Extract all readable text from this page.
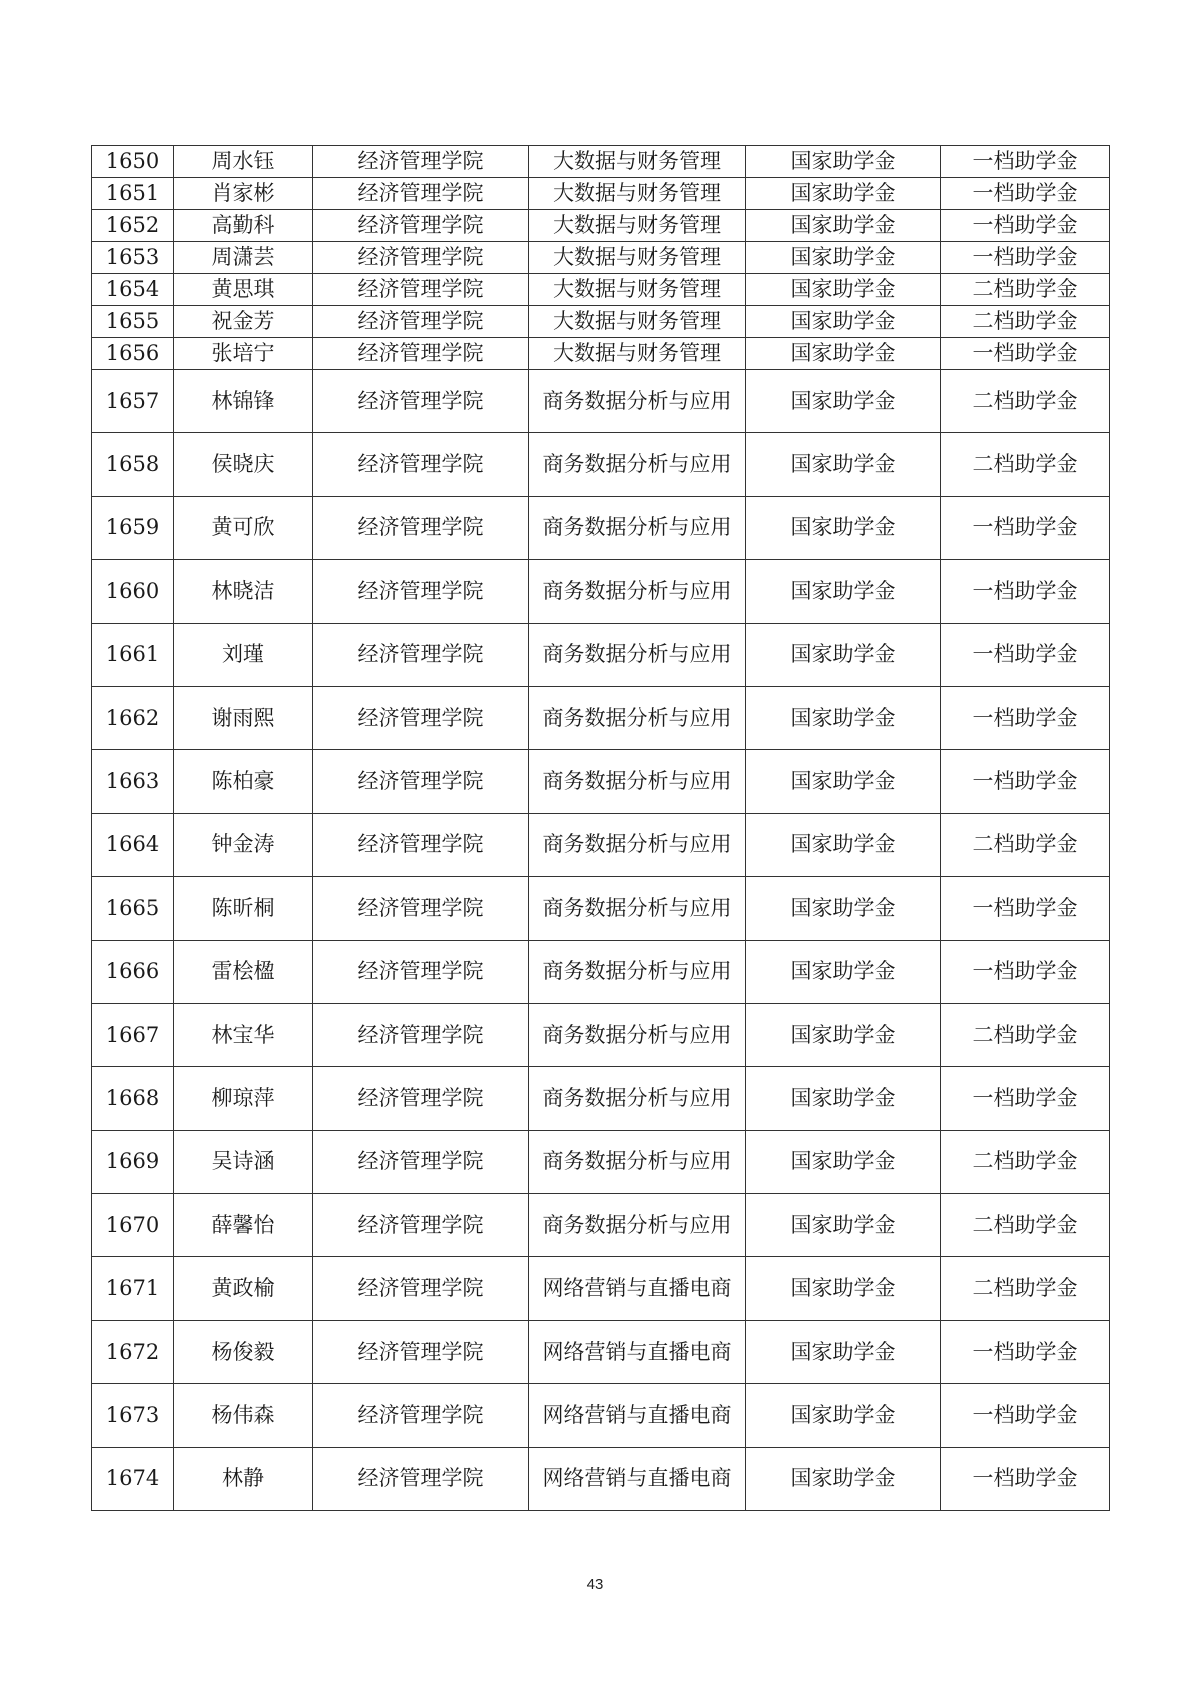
1650	周水钰	经济管理学院	大数据与财务管理	国家助学金	一档助学金
1651	肖家彬	经济管理学院	大数据与财务管理	国家助学金	一档助学金
1652	高勤科	经济管理学院	大数据与财务管理	国家助学金	一档助学金
1653	周潇芸	经济管理学院	大数据与财务管理	国家助学金	一档助学金
1654	黄思琪	经济管理学院	大数据与财务管理	国家助学金	二档助学金
1655	祝金芳	经济管理学院	大数据与财务管理	国家助学金	二档助学金
1656	张培宁	经济管理学院	大数据与财务管理	国家助学金	一档助学金
1657	林锦锋	经济管理学院	商务数据分析与应用	国家助学金	二档助学金
1658	侯晓庆	经济管理学院	商务数据分析与应用	国家助学金	二档助学金
1659	黄可欣	经济管理学院	商务数据分析与应用	国家助学金	一档助学金
1660	林晓洁	经济管理学院	商务数据分析与应用	国家助学金	一档助学金
1661	刘瑾	经济管理学院	商务数据分析与应用	国家助学金	一档助学金
1662	谢雨熙	经济管理学院	商务数据分析与应用	国家助学金	一档助学金
1663	陈柏豪	经济管理学院	商务数据分析与应用	国家助学金	一档助学金
1664	钟金涛	经济管理学院	商务数据分析与应用	国家助学金	二档助学金
1665	陈昕桐	经济管理学院	商务数据分析与应用	国家助学金	一档助学金
1666	雷桧楹	经济管理学院	商务数据分析与应用	国家助学金	一档助学金
1667	林宝华	经济管理学院	商务数据分析与应用	国家助学金	二档助学金
1668	柳琼萍	经济管理学院	商务数据分析与应用	国家助学金	一档助学金
1669	吴诗涵	经济管理学院	商务数据分析与应用	国家助学金	二档助学金
1670	薛馨怡	经济管理学院	商务数据分析与应用	国家助学金	二档助学金
1671	黄政榆	经济管理学院	网络营销与直播电商	国家助学金	二档助学金
1672	杨俊毅	经济管理学院	网络营销与直播电商	国家助学金	一档助学金
1673	杨伟森	经济管理学院	网络营销与直播电商	国家助学金	一档助学金
1674	林静	经济管理学院	网络营销与直播电商	国家助学金	一档助学金
43
